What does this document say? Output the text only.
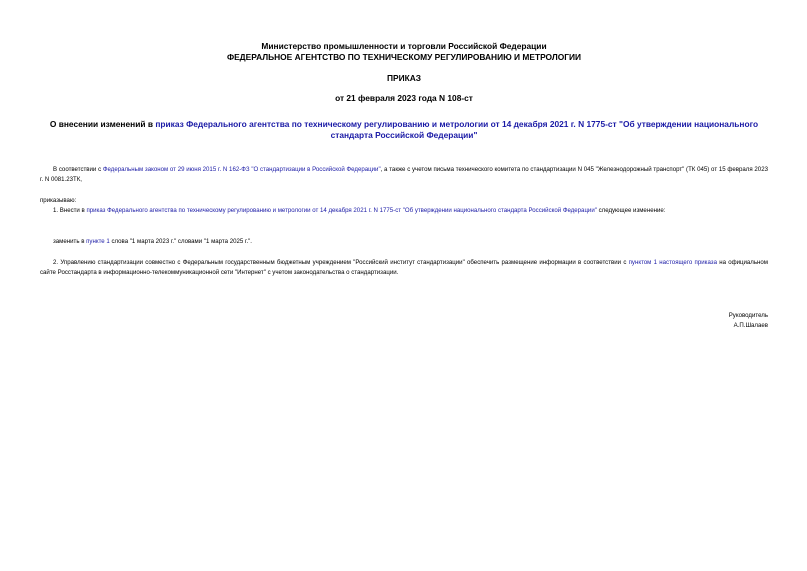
Министерство промышленности и торговли Российской Федерации
ФЕДЕРАЛЬНОЕ АГЕНТСТВО ПО ТЕХНИЧЕСКОМУ РЕГУЛИРОВАНИЮ И МЕТРОЛОГИИ
ПРИКАЗ
от 21 февраля 2023 года N 108-ст
О внесении изменений в приказ Федерального агентства по техническому регулированию и метрологии от 14 декабря 2021 г. N 1775-ст "Об утверждении национального стандарта Российской Федерации"
В соответствии с Федеральным законом от 29 июня 2015 г. N 162-ФЗ "О стандартизации в Российской Федерации", а также с учетом письма технического комитета по стандартизации N 045 "Железнодорожный транспорт" (ТК 045) от 15 февраля 2023 г. N 0081.23ТК,
приказываю:
1. Внести в приказ Федерального агентства по техническому регулированию и метрологии от 14 декабря 2021 г. N 1775-ст "Об утверждении национального стандарта Российской Федерации" следующее изменение:
заменить в пункте 1 слова "1 марта 2023 г." словами "1 марта 2025 г.".
2. Управлению стандартизации совместно с Федеральным государственным бюджетным учреждением "Российский институт стандартизации" обеспечить размещение информации в соответствии с пунктом 1 настоящего приказа на официальном сайте Росстандарта в информационно-телекоммуникационной сети "Интернет" с учетом законодательства о стандартизации.
Руководитель
А.П.Шалаев
